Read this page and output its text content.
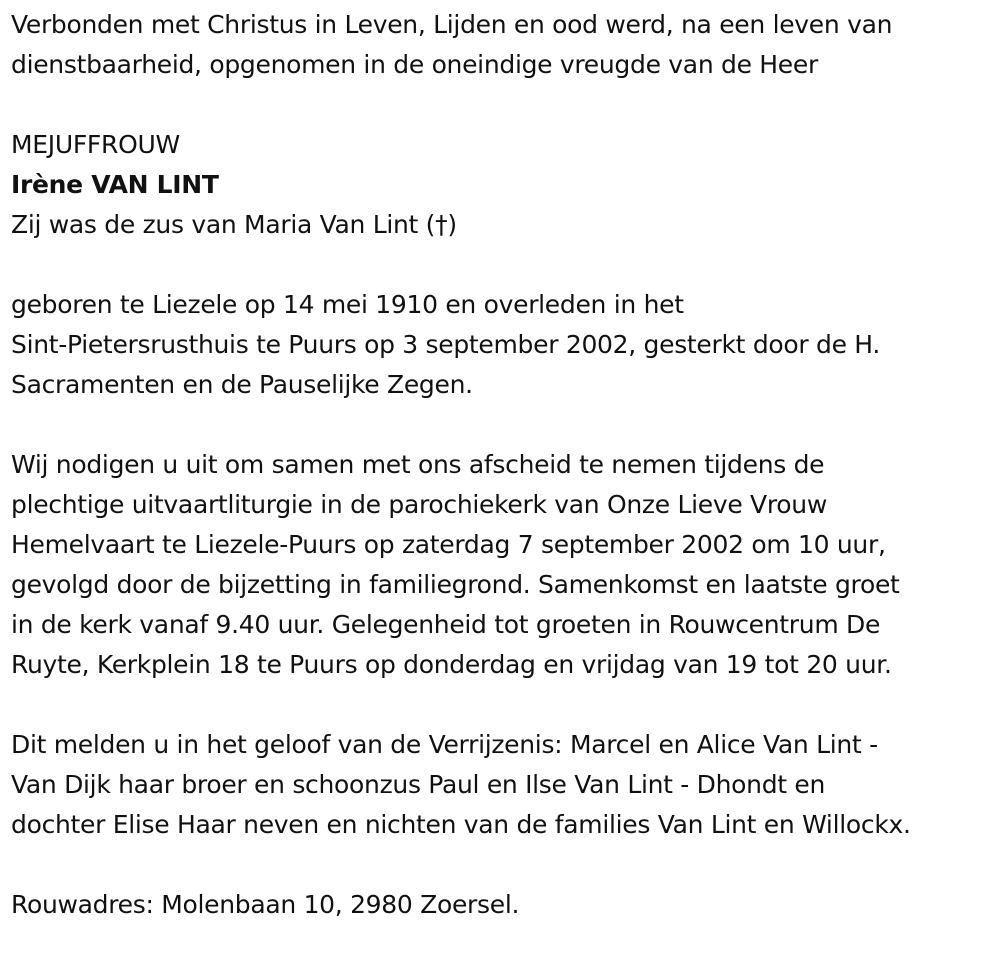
Verbonden met Christus in Leven, Lijden en ood werd, na een leven van

dienstbaarheid, opgenomen in de oneindige vreugde van de Heer

MEJUFFROUW

Irène VAN LINT

Zij was de zus van Maria Van Lint (†)

geboren te Liezele op 14 mei 1910 en overleden in het

Sint-Pietersrusthuis te Puurs op 3 september 2002, gesterkt door de H.

Sacramenten en de Pauselijke Zegen.

Wij nodigen u uit om samen met ons afscheid te nemen tijdens de

plechtige uitvaartliturgie in de parochiekerk van Onze Lieve Vrouw

Hemelvaart te Liezele-Puurs op zaterdag 7 september 2002 om 10 uur,

gevolgd door de bijzetting in familiegrond. Samenkomst en laatste groet

in de kerk vanaf 9.40 uur. Gelegenheid tot groeten in Rouwcentrum De

Ruyte, Kerkplein 18 te Puurs op donderdag en vrijdag van 19 tot 20 uur.

Dit melden u in het geloof van de Verrijzenis: Marcel en Alice Van Lint -

Van Dijk haar broer en schoonzus Paul en Ilse Van Lint - Dhondt en

dochter Elise Haar neven en nichten van de families Van Lint en Willockx.

Rouwadres: Molenbaan 10, 2980 Zoersel.
